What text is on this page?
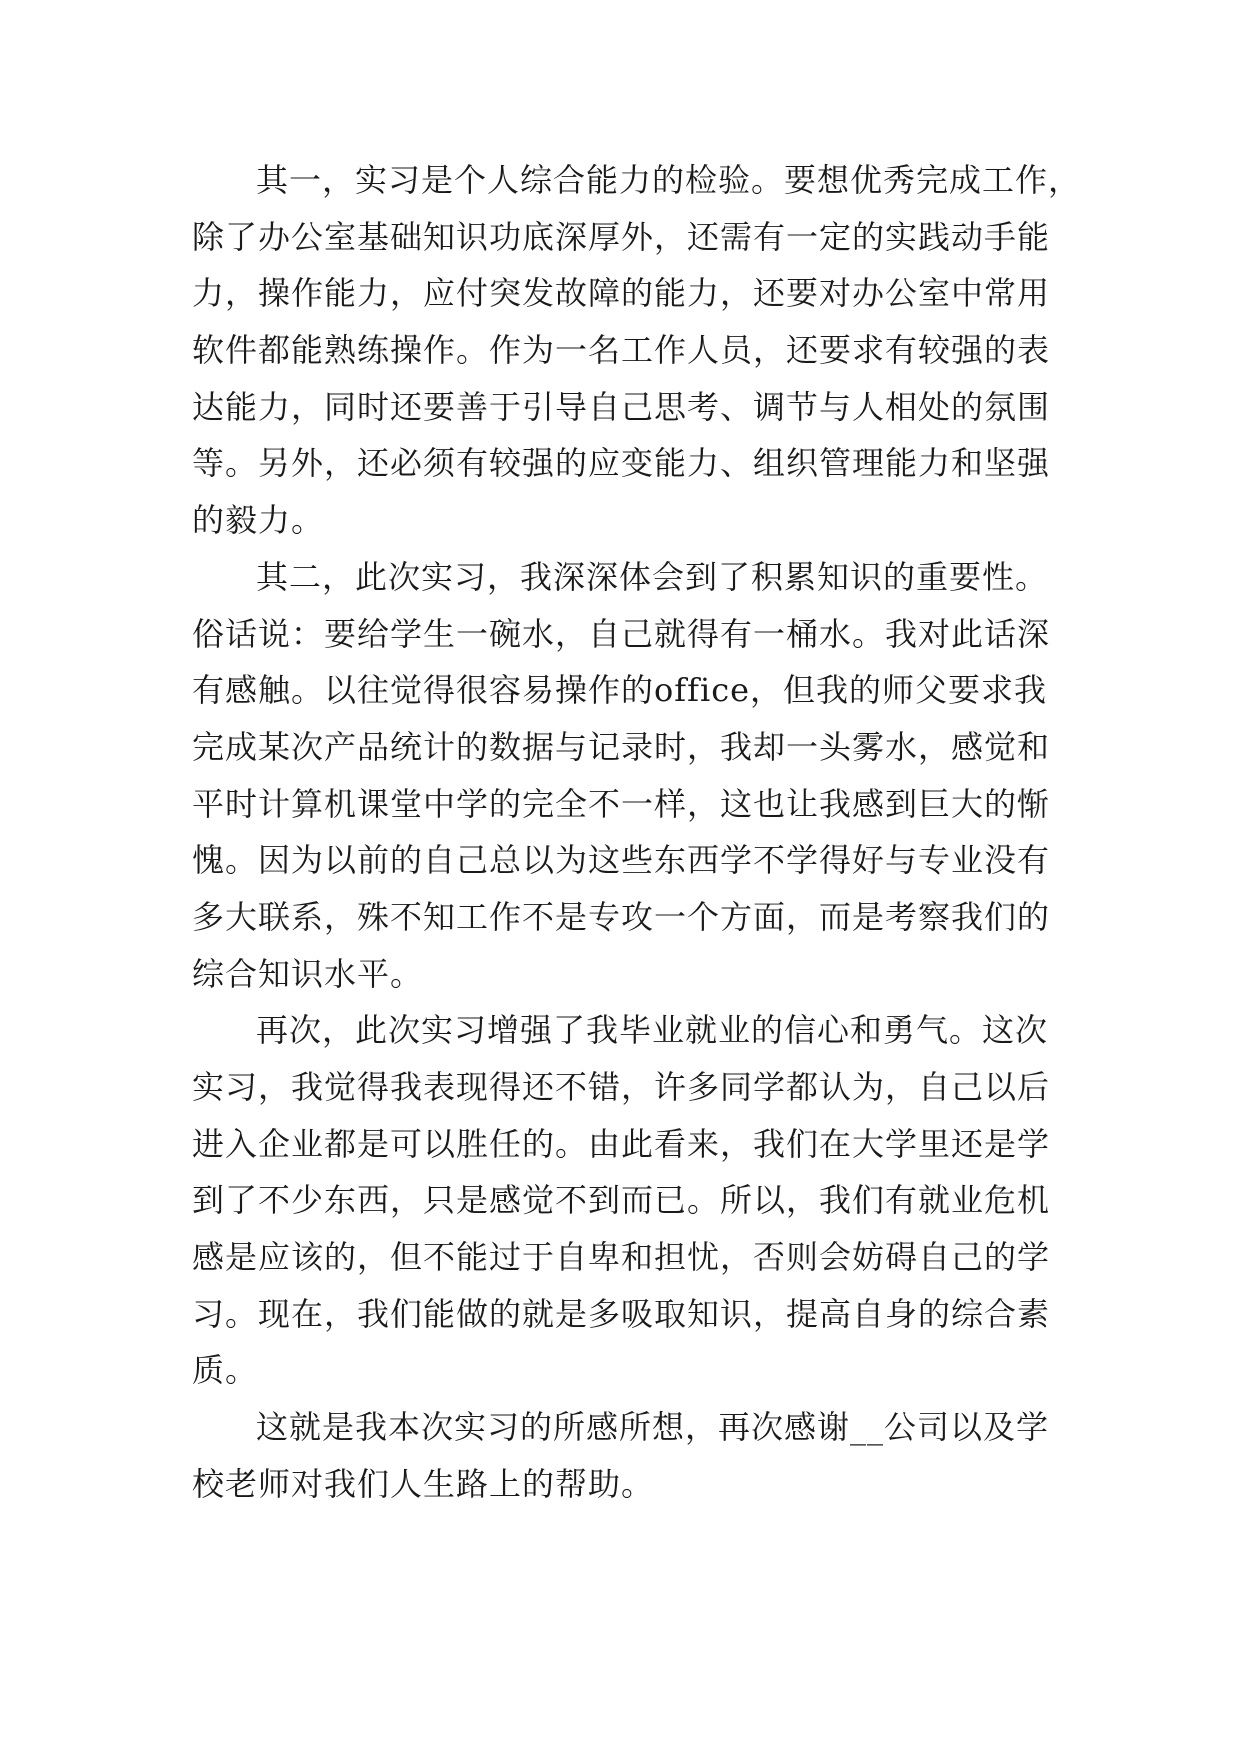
其一，实习是个人综合能力的检验。要想优秀完成工作，
除了办公室基础知识功底深厚外，还需有一定的实践动手能
力，操作能力，应付突发故障的能力，还要对办公室中常用
软件都能熟练操作。作为一名工作人员，还要求有较强的表
达能力，同时还要善于引导自己思考、调节与人相处的氛围
等。另外，还必须有较强的应变能力、组织管理能力和坚强
的毅力。
其二，此次实习，我深深体会到了积累知识的重要性。
俗话说：要给学生一碗水，自己就得有一桶水。我对此话深
有感触。以往觉得很容易操作的office，但我的师父要求我
完成某次产品统计的数据与记录时，我却一头雾水，感觉和
平时计算机课堂中学的完全不一样，这也让我感到巨大的惭
愧。因为以前的自己总以为这些东西学不学得好与专业没有
多大联系，殊不知工作不是专攻一个方面，而是考察我们的
综合知识水平。
再次，此次实习增强了我毕业就业的信心和勇气。这次
实习，我觉得我表现得还不错，许多同学都认为，自己以后
进入企业都是可以胜任的。由此看来，我们在大学里还是学
到了不少东西，只是感觉不到而已。所以，我们有就业危机
感是应该的，但不能过于自卑和担忧，否则会妨碍自己的学
习。现在，我们能做的就是多吸取知识，提高自身的综合素
质。
这就是我本次实习的所感所想，再次感谢__公司以及学
校老师对我们人生路上的帮助。
